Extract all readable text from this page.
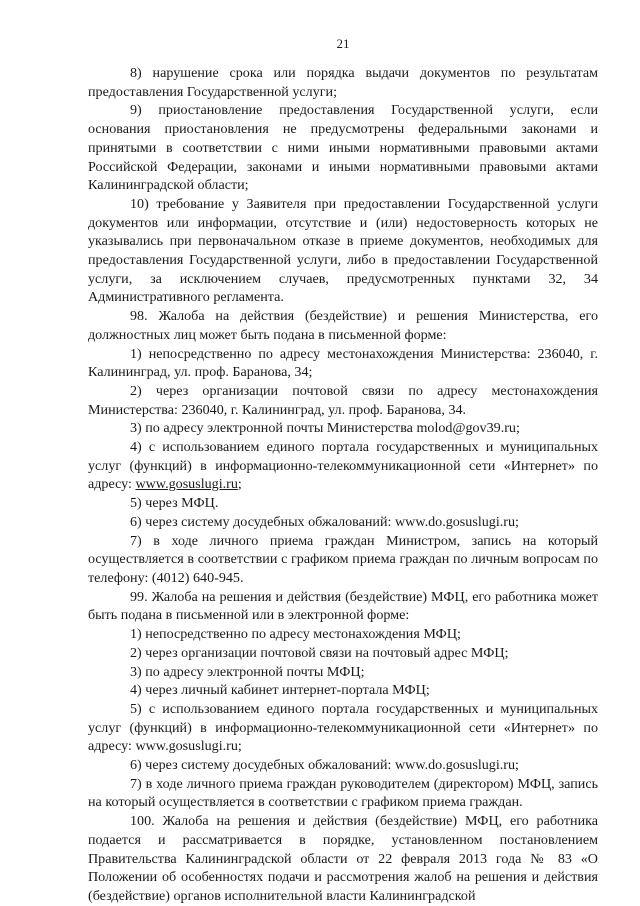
21

8) нарушение срока или порядка выдачи документов по результатам предоставления Государственной услуги;

9) приостановление предоставления Государственной услуги, если основания приостановления не предусмотрены федеральными законами и принятыми в соответствии с ними иными нормативными правовыми актами Российской Федерации, законами и иными нормативными правовыми актами Калининградской области;

10) требование у Заявителя при предоставлении Государственной услуги документов или информации, отсутствие и (или) недостоверность которых не указывались при первоначальном отказе в приеме документов, необходимых для предоставления Государственной услуги, либо в предоставлении Государственной услуги, за исключением случаев, предусмотренных пунктами 32, 34 Административного регламента.

98. Жалоба на действия (бездействие) и решения Министерства, его должностных лиц может быть подана в письменной форме:

1) непосредственно по адресу местонахождения Министерства: 236040, г. Калининград, ул. проф. Баранова, 34;

2) через организации почтовой связи по адресу местонахождения Министерства: 236040, г. Калининград, ул. проф. Баранова, 34.

3) по адресу электронной почты Министерства molod@gov39.ru;

4) с использованием единого портала государственных и муниципальных услуг (функций) в информационно-телекоммуникационной сети «Интернет» по адресу: www.gosuslugi.ru;

5) через МФЦ.

6) через систему досудебных обжалований: www.do.gosuslugi.ru;

7) в ходе личного приема граждан Министром, запись на который осуществляется в соответствии с графиком приема граждан по личным вопросам по телефону: (4012) 640-945.

99. Жалоба на решения и действия (бездействие) МФЦ, его работника может быть подана в письменной или в электронной форме:

1) непосредственно по адресу местонахождения МФЦ;

2) через организации почтовой связи на почтовый адрес МФЦ;

3) по адресу электронной почты МФЦ;

4) через личный кабинет интернет-портала МФЦ;

5) с использованием единого портала государственных и муниципальных услуг (функций) в информационно-телекоммуникационной сети «Интернет» по адресу: www.gosuslugi.ru;

6) через систему досудебных обжалований: www.do.gosuslugi.ru;

7) в ходе личного приема граждан руководителем (директором) МФЦ, запись на который осуществляется в соответствии с графиком приема граждан.

100. Жалоба на решения и действия (бездействие) МФЦ, его работника подается и рассматривается в порядке, установленном постановлением Правительства Калининградской области от 22 февраля 2013 года № 83 «О Положении об особенностях подачи и рассмотрения жалоб на решения и действия (бездействие) органов исполнительной власти Калининградской
